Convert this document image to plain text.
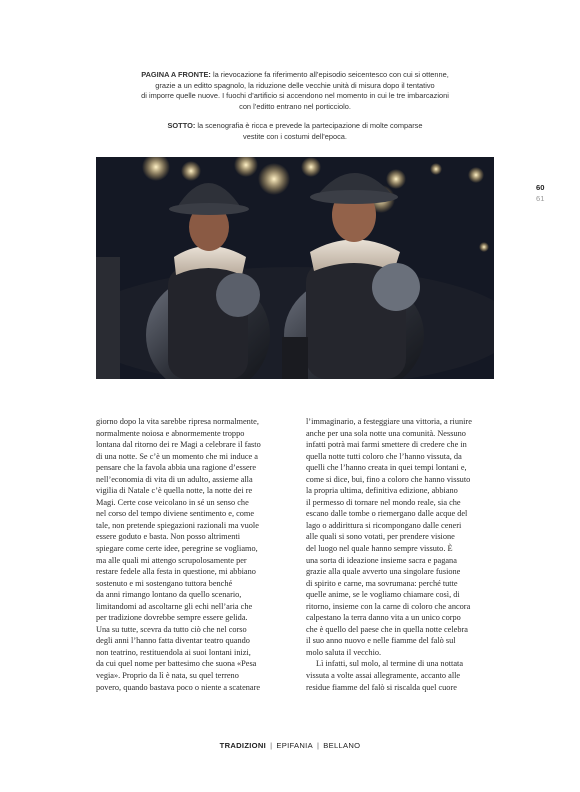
PAGINA A FRONTE: la rievocazione fa riferimento all’episodio seicentesco con cui si ottenne,
grazie a un editto spagnolo, la riduzione delle vecchie unità di misura dopo il tentativo
di imporre quelle nuove. I fuochi d’artificio si accendono nel momento in cui le tre imbarcazioni
con l’editto entrano nel porticciolo.

SOTTO: la scenografia è ricca e prevede la partecipazione di molte comparse
vestite con i costumi dell’epoca.

60
61
giorno dopo la vita sarebbe ripresa normalmente,
normalmente noiosa e abnormemente troppo
lontana dal ritorno dei re Magi a celebrare il fasto
di una notte. Se c’è un momento che mi induce a
pensare che la favola abbia una ragione d’essere
nell’economia di vita di un adulto, assieme alla
vigilia di Natale c’è quella notte, la notte dei re
Magi. Certe cose veicolano in sé un senso che
nel corso del tempo diviene sentimento e, come
tale, non pretende spiegazioni razionali ma vuole
essere goduto e basta. Non posso altrimenti
spiegare come certe idee, peregrine se vogliamo,
ma alle quali mi attengo scrupolosamente per
restare fedele alla festa in questione, mi abbiano
sostenuto e mi sostengano tuttora benché
da anni rimango lontano da quello scenario,
limitandomi ad ascoltarne gli echi nell’aria che
per tradizione dovrebbe sempre essere gelida.
Una su tutte, scevra da tutto ciò che nel corso
degli anni l’hanno fatta diventar teatro quando
non teatrino, restituendola ai suoi lontani inizi,
da cui quel nome per battesimo che suona «Pesa
vegia». Proprio da lì è nata, su quel terreno
povero, quando bastava poco o niente a scatenare
l’immaginario, a festeggiare una vittoria, a riunire
anche per una sola notte una comunità. Nessuno
infatti potrà mai farmi smettere di credere che in
quella notte tutti coloro che l’hanno vissuta, da
quelli che l’hanno creata in quei tempi lontani e,
come si dice, bui, fino a coloro che hanno vissuto
la propria ultima, definitiva edizione, abbiano
il permesso di tornare nel mondo reale, sia che
escano dalle tombe o riemergano dalle acque del
lago o addirittura si ricompongano dalle ceneri
alle quali si sono votati, per prendere visione
del luogo nel quale hanno sempre vissuto. È
una sorta di ideazione insieme sacra e pagana
grazie alla quale avverto una singolare fusione
di spirito e carne, ma sovrumana: perché tutte
quelle anime, se le vogliamo chiamare così, di
ritorno, insieme con la carne di coloro che ancora
calpestano la terra danno vita a un unico corpo
che è quello del paese che in quella notte celebra
il suo anno nuovo e nelle fiamme del falò sul
molo saluta il vecchio.
Lì infatti, sul molo, al termine di una nottata
vissuta a volte assai allegramente, accanto alle
residue fiamme del falò si riscalda quel cuore
TRADIZIONI | EPIFANIA | BELLANO
